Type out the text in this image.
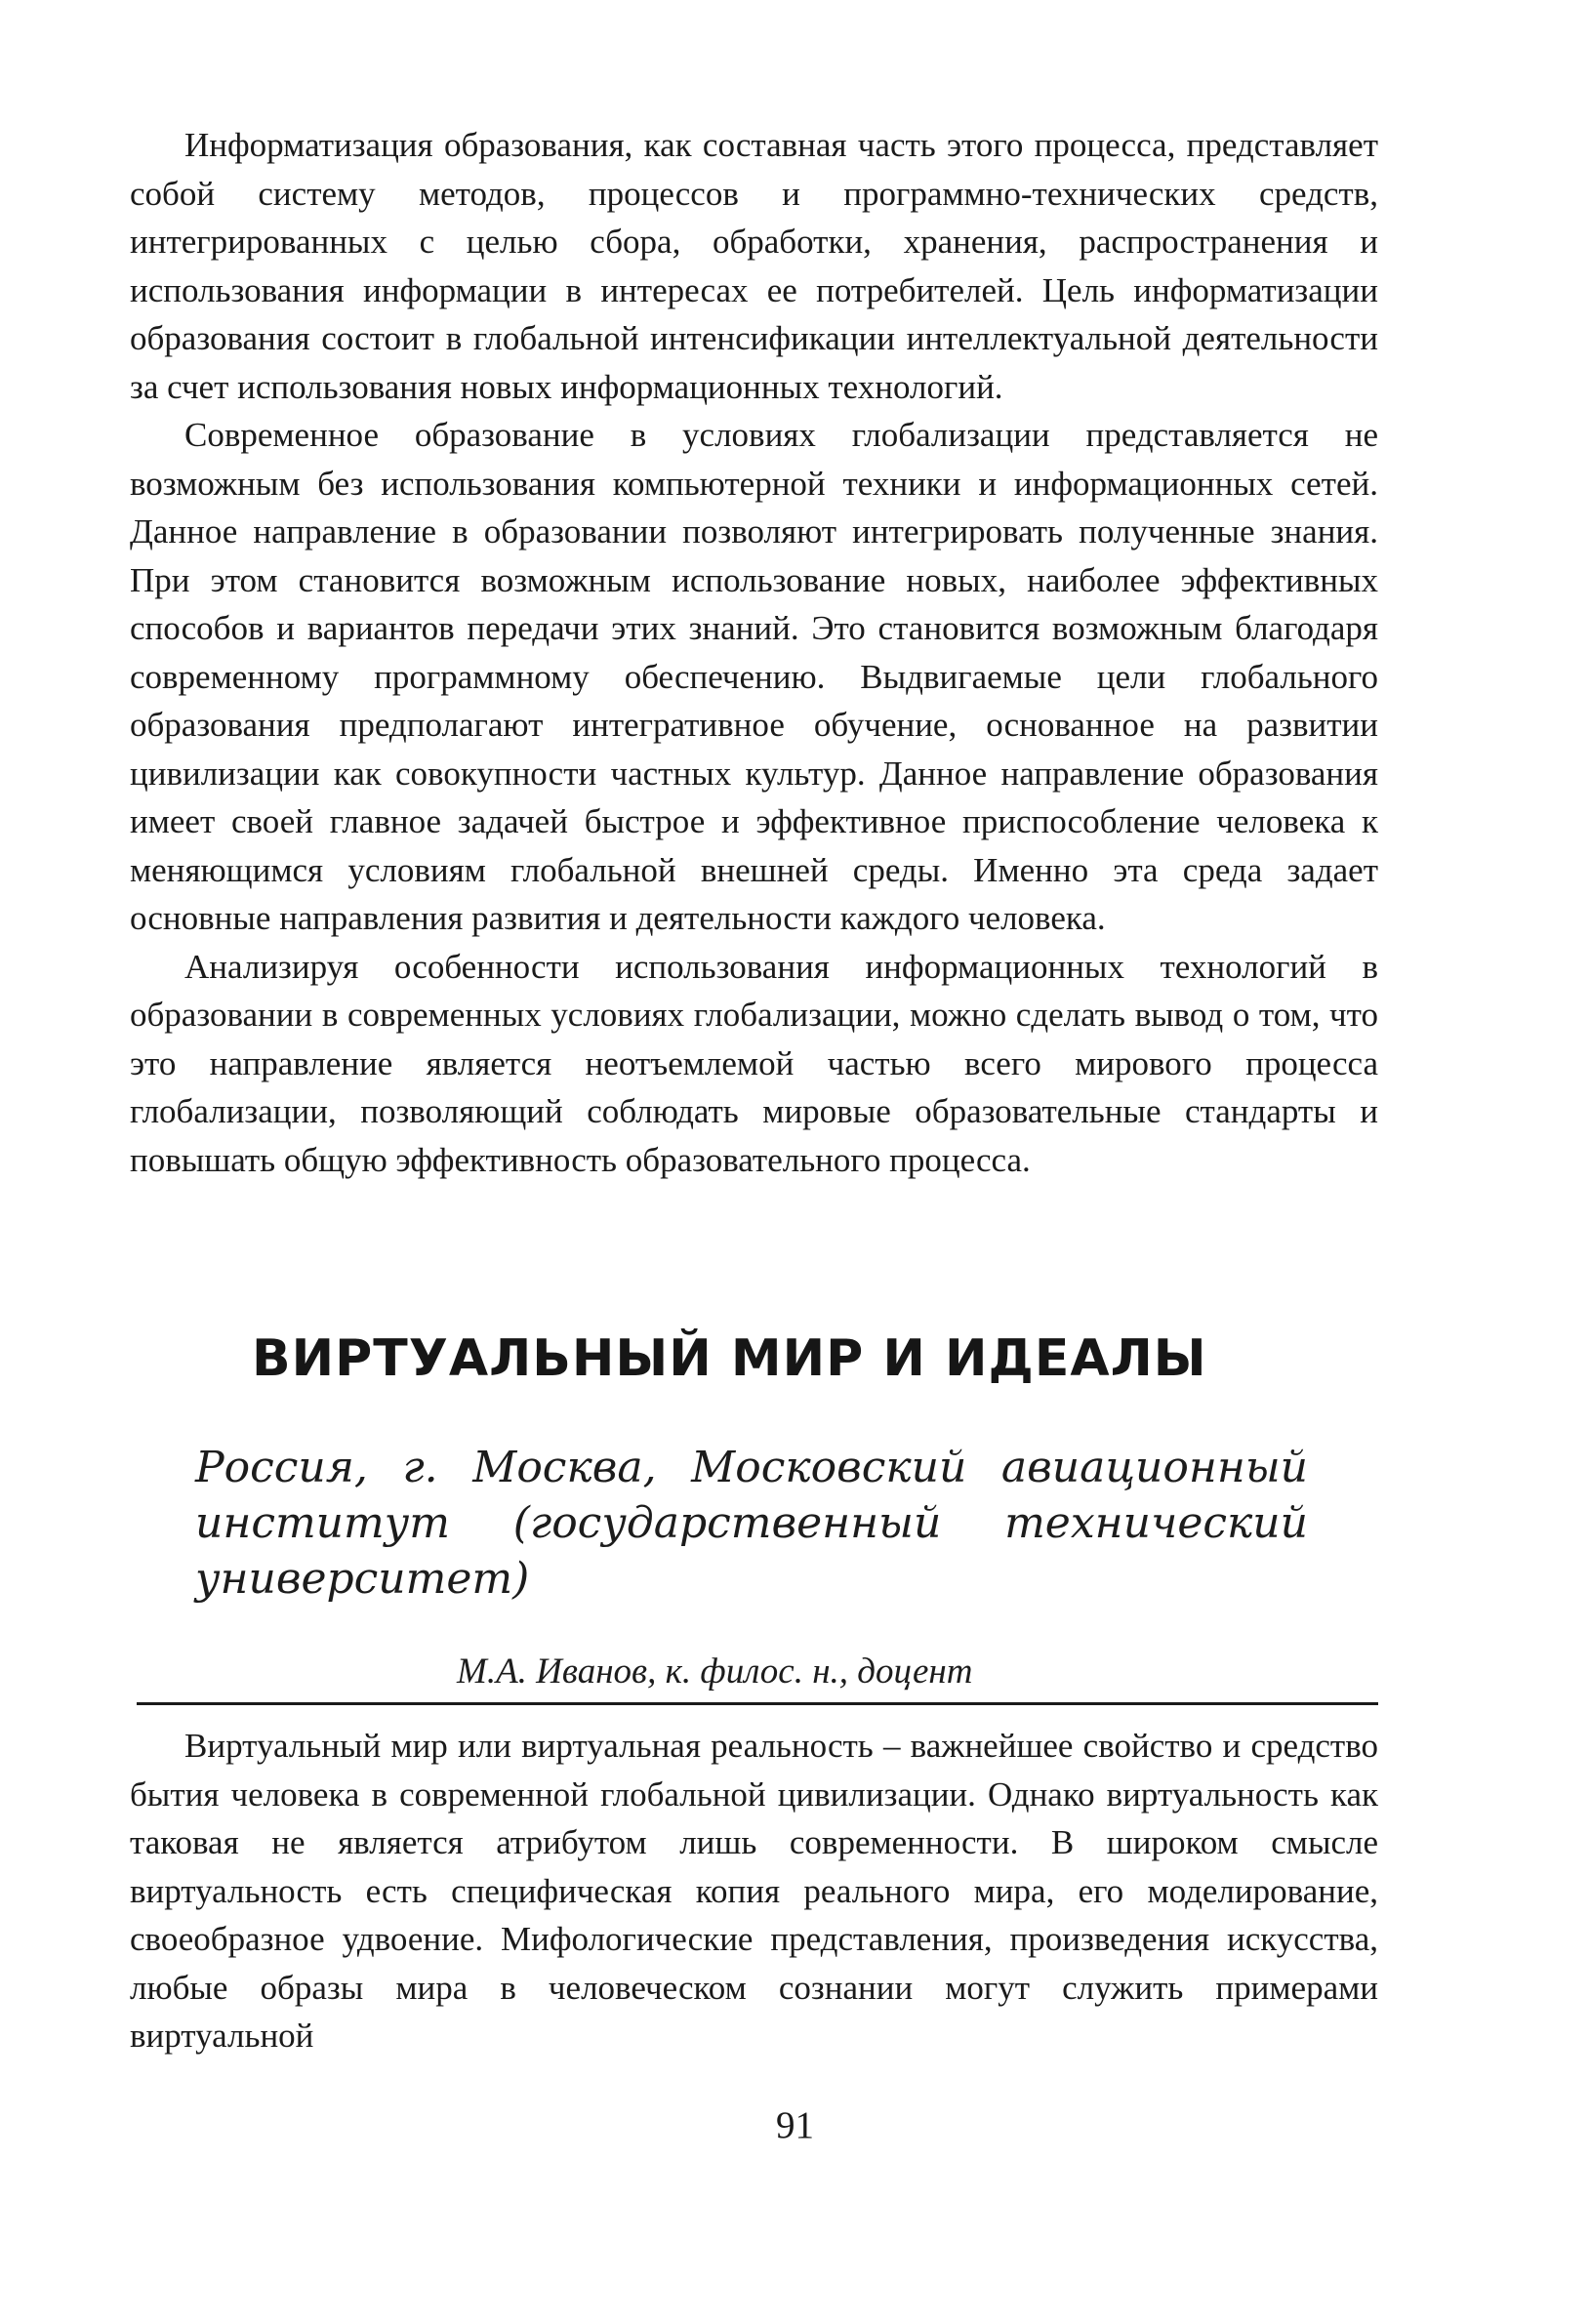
Информатизация образования, как составная часть этого процесса, представляет собой систему методов, процессов и программно-технических средств, интегрированных с целью сбора, обработки, хранения, распространения и использования информации в интересах ее потребителей. Цель информатизации образования состоит в глобальной интенсификации интеллектуальной деятельности за счет использования новых информационных технологий.

Современное образование в условиях глобализации представляется не возможным без использования компьютерной техники и информационных сетей. Данное направление в образовании позволяют интегрировать полученные знания. При этом становится возможным использование новых, наиболее эффективных способов и вариантов передачи этих знаний. Это становится возможным благодаря современному программному обеспечению. Выдвигаемые цели глобального образования предполагают интегративное обучение, основанное на развитии цивилизации как совокупности частных культур. Данное направление образования имеет своей главное задачей быстрое и эффективное приспособление человека к меняющимся условиям глобальной внешней среды. Именно эта среда задает основные направления развития и деятельности каждого человека.

Анализируя особенности использования информационных технологий в образовании в современных условиях глобализации, можно сделать вывод о том, что это направление является неотъемлемой частью всего мирового процесса глобализации, позволяющий соблюдать мировые образовательные стандарты и повышать общую эффективность образовательного процесса.

ВИРТУАЛЬНЫЙ МИР И ИДЕАЛЫ

Россия, г. Москва, Московский авиационный институт (государственный технический университет)

М.А. Иванов, к. филос. н., доцент

Виртуальный мир или виртуальная реальность – важнейшее свойство и средство бытия человека в современной глобальной цивилизации. Однако виртуальность как таковая не является атрибутом лишь современности. В широком смысле виртуальность есть специфическая копия реального мира, его моделирование, своеобразное удвоение. Мифологические представления, произведения искусства, любые образы мира в человеческом сознании могут служить примерами виртуальной

91
